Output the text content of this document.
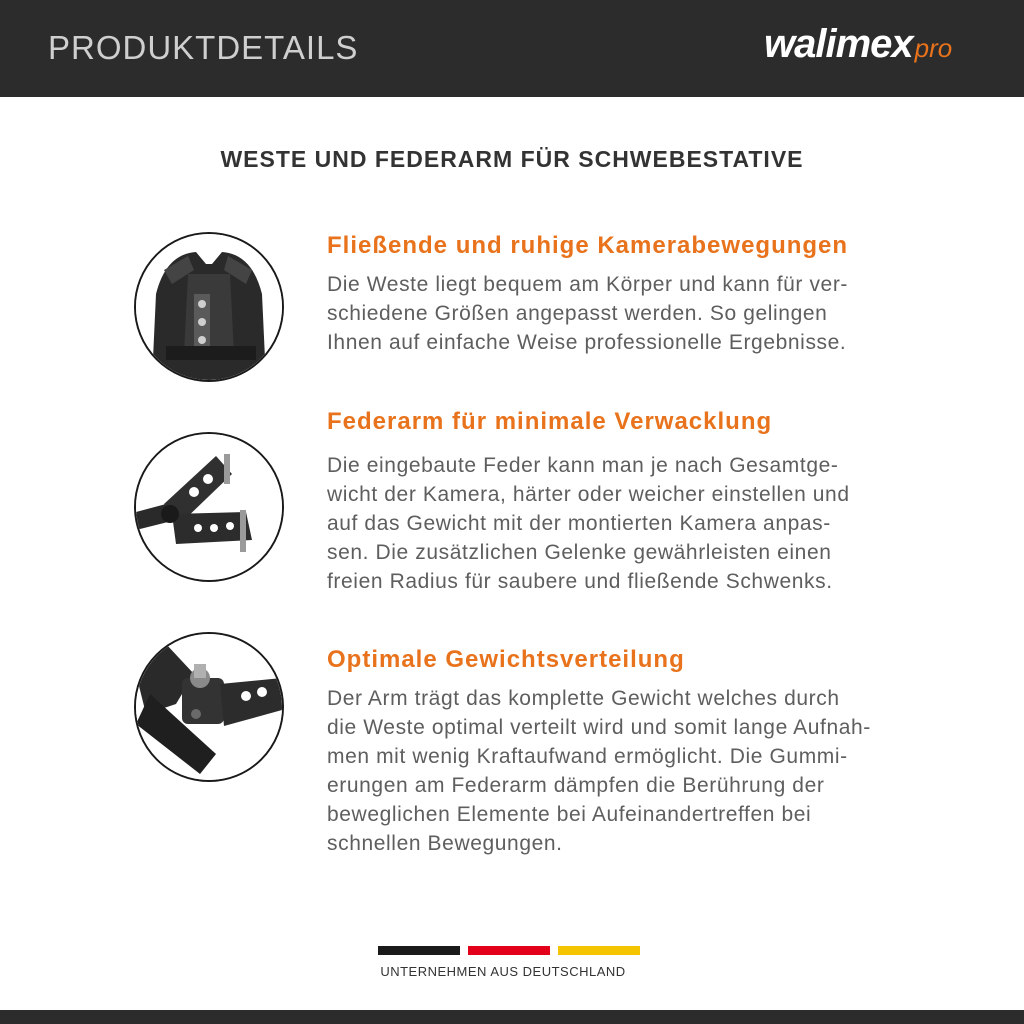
PRODUKTDETAILS	walimexpro
WESTE UND FEDERARM FÜR SCHWEBESTATIVE
Fließende und ruhige Kamerabewegungen
Die Weste liegt bequem am Körper und kann für ver-
schiedene Größen angepasst werden. So gelingen
Ihnen auf einfache Weise professionelle Ergebnisse.
Federarm für minimale Verwacklung
Die eingebaute Feder kann man je nach Gesamtge-
wicht der Kamera, härter oder weicher einstellen und
auf das Gewicht mit der montierten Kamera anpas-
sen. Die zusätzlichen Gelenke gewährleisten einen
freien Radius für saubere und fließende Schwenks.
Optimale Gewichtsverteilung
Der Arm trägt das komplette Gewicht welches durch
die Weste optimal verteilt wird und somit lange Aufnah-
men mit wenig Kraftaufwand ermöglicht. Die Gummi-
erungen am Federarm dämpfen die Berührung der
beweglichen Elemente bei Aufeinandertreffen bei
schnellen Bewegungen.
UNTERNEHMEN AUS DEUTSCHLAND
